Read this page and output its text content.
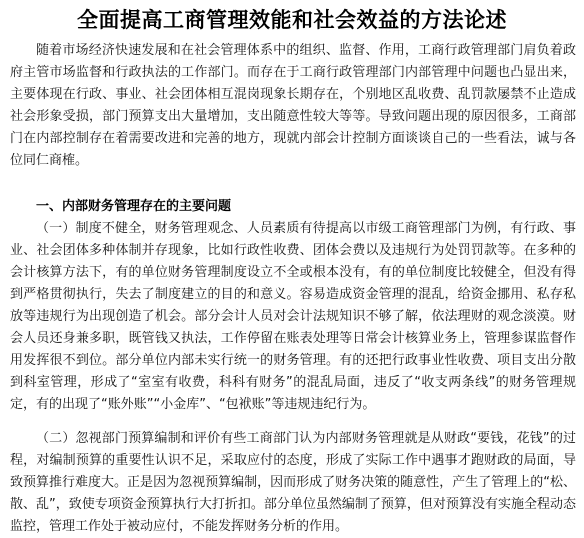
全面提高工商管理效能和社会效益的方法论述

随着市场经济快速发展和在社会管理体系中的组织、监督、作用，工商行政管理部门肩负着政府主管市场监督和行政执法的工作部门。而存在于工商行政管理部门内部管理中问题也凸显出来，主要体现在行政、事业、社会团体相互混岗现象长期存在，个别地区乱收费、乱罚款屡禁不止造成社会形象受损，部门预算支出大量增加，支出随意性较大等等。导致问题出现的原因很多，工商部门在内部控制存在着需要改进和完善的地方，现就内部会计控制方面谈谈自己的一些看法，诚与各位同仁商榷。

一、内部财务管理存在的主要问题

（一）制度不健全，财务管理观念、人员素质有待提高以市级工商管理部门为例，有行政、事业、社会团体多种体制并存现象，比如行政性收费、团体会费以及违规行为处罚罚款等。在多种的会计核算方法下，有的单位财务管理制度设立不全或根本没有，有的单位制度比较健全，但没有得到严格贯彻执行，失去了制度建立的目的和意义。容易造成资金管理的混乱，给资金挪用、私存私放等违规行为出现创造了机会。部分会计人员对会计法规知识不够了解，依法理财的观念淡漠。财会人员还身兼多职，既管钱又执法，工作停留在账表处理等日常会计核算业务上，管理参谋监督作用发挥很不到位。部分单位内部未实行统一的财务管理。有的还把行政事业性收费、项目支出分散到科室管理，形成了“室室有收费，科科有财务”的混乱局面，违反了“收支两条线”的财务管理规定，有的出现了“账外账”“小金库”、“包袱账”等违规违纪行为。

（二）忽视部门预算编制和评价有些工商部门认为内部财务管理就是从财政“要钱，花钱”的过程，对编制预算的重要性认识不足，采取应付的态度，形成了实际工作中遇事才跑财政的局面，导致预算推行难度大。正是因为忽视预算编制，因而形成了财务决策的随意性，产生了管理上的“松、散、乱”，致使专项资金预算执行大打折扣。部分单位虽然编制了预算，但对预算没有实施全程动态监控，管理工作处于被动应付，不能发挥财务分析的作用。
